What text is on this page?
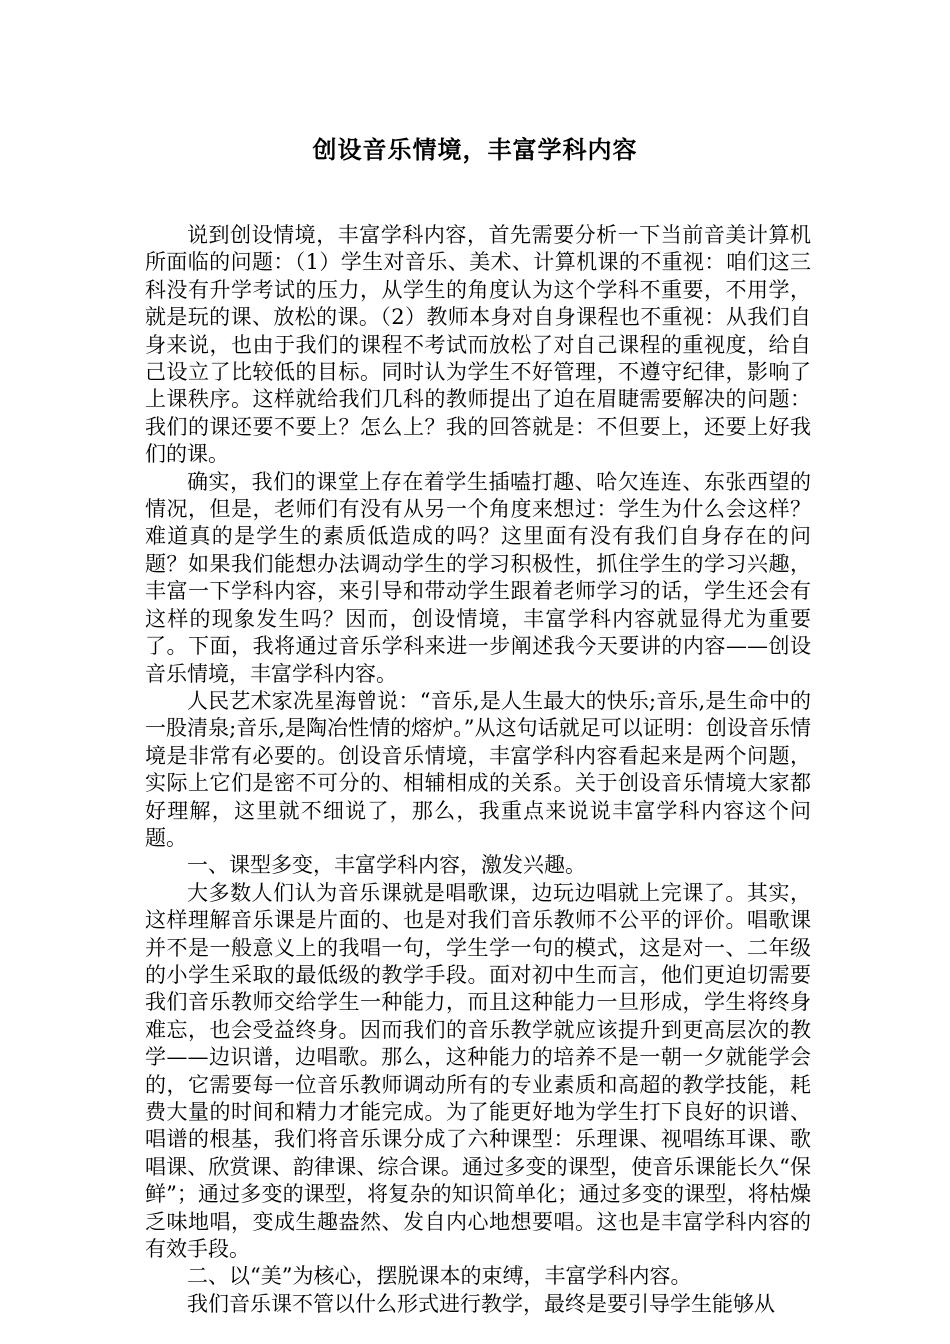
创设音乐情境，丰富学科内容

说到创设情境，丰富学科内容，首先需要分析一下当前音美计算机所面临的问题：（1）学生对音乐、美术、计算机课的不重视：咱们这三科没有升学考试的压力，从学生的角度认为这个学科不重要，不用学，就是玩的课、放松的课。（2）教师本身对自身课程也不重视：从我们自身来说，也由于我们的课程不考试而放松了对自己课程的重视度，给自己设立了比较低的目标。同时认为学生不好管理，不遵守纪律，影响了上课秩序。这样就给我们几科的教师提出了迫在眉睫需要解决的问题：我们的课还要不要上？怎么上？我的回答就是：不但要上，还要上好我们的课。

确实，我们的课堂上存在着学生插嗑打趣、哈欠连连、东张西望的情况，但是，老师们有没有从另一个角度来想过：学生为什么会这样？难道真的是学生的素质低造成的吗？这里面有没有我们自身存在的问题？如果我们能想办法调动学生的学习积极性，抓住学生的学习兴趣，丰富一下学科内容，来引导和带动学生跟着老师学习的话，学生还会有这样的现象发生吗？因而，创设情境，丰富学科内容就显得尤为重要了。下面，我将通过音乐学科来进一步阐述我今天要讲的内容——创设音乐情境，丰富学科内容。

人民艺术家冼星海曾说：“音乐,是人生最大的快乐;音乐,是生命中的一股清泉;音乐,是陶冶性情的熔炉。”从这句话就足可以证明：创设音乐情境是非常有必要的。创设音乐情境，丰富学科内容看起来是两个问题，实际上它们是密不可分的、相辅相成的关系。关于创设音乐情境大家都好理解，这里就不细说了，那么，我重点来说说丰富学科内容这个问题。

一、课型多变，丰富学科内容，激发兴趣。

大多数人们认为音乐课就是唱歌课，边玩边唱就上完课了。其实，这样理解音乐课是片面的、也是对我们音乐教师不公平的评价。唱歌课并不是一般意义上的我唱一句，学生学一句的模式，这是对一、二年级的小学生采取的最低级的教学手段。面对初中生而言，他们更迫切需要我们音乐教师交给学生一种能力，而且这种能力一旦形成，学生将终身难忘，也会受益终身。因而我们的音乐教学就应该提升到更高层次的教学——边识谱，边唱歌。那么，这种能力的培养不是一朝一夕就能学会的，它需要每一位音乐教师调动所有的专业素质和高超的教学技能，耗费大量的时间和精力才能完成。为了能更好地为学生打下良好的识谱、唱谱的根基，我们将音乐课分成了六种课型：乐理课、视唱练耳课、歌唱课、欣赏课、韵律课、综合课。通过多变的课型，使音乐课能长久“保鲜”；通过多变的课型，将复杂的知识简单化；通过多变的课型，将枯燥乏味地唱，变成生趣盎然、发自内心地想要唱。这也是丰富学科内容的有效手段。

二、以“美”为核心，摆脱课本的束缚，丰富学科内容。

我们音乐课不管以什么形式进行教学，最终是要引导学生能够从
